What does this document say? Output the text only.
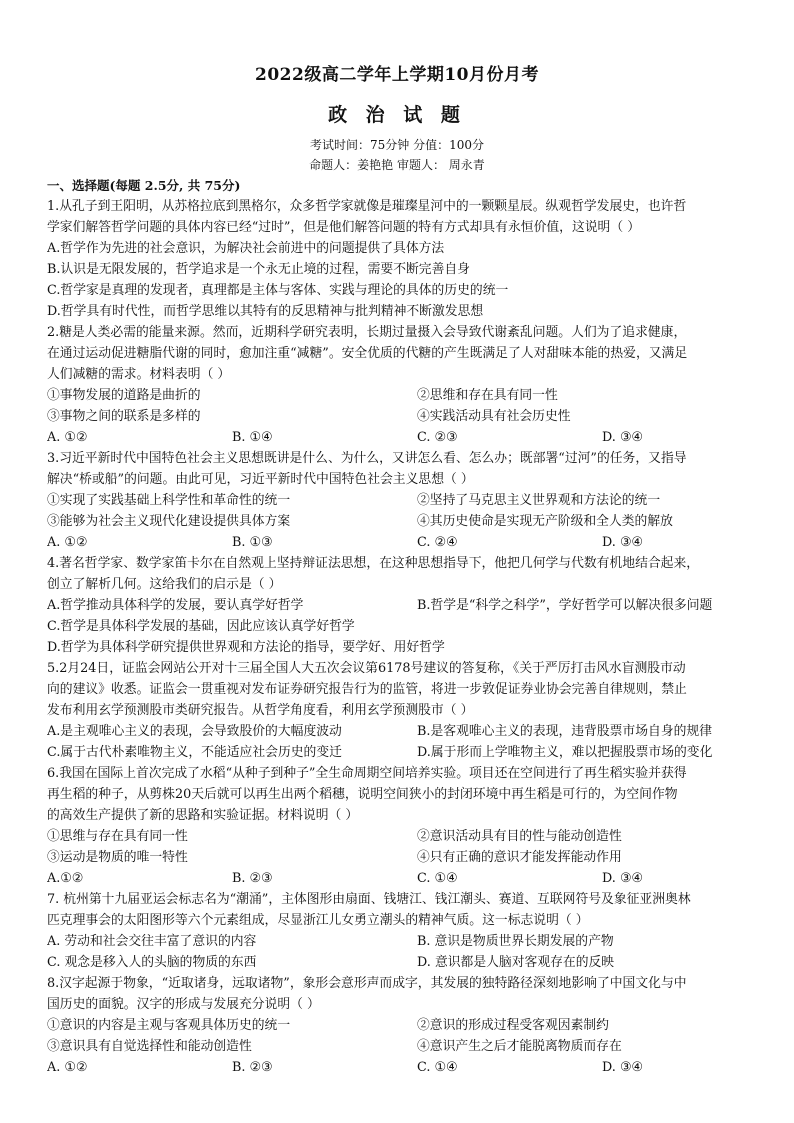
2022级高二学年上学期10月份月考
政 治 试 题
考试时间：75分钟 分值：100分
命题人：姜艳艳 审题人： 周永青
一、选择题(每题 2.5分, 共 75分)
1.从孔子到王阳明，从苏格拉底到黑格尔，众多哲学家就像是璀璨星河中的一颗颗星辰。纵观哲学发展史，也许哲
学家们解答哲学问题的具体内容已经“过时”，但是他们解答问题的特有方式却具有永恒价值，这说明（ ）
A.哲学作为先进的社会意识，为解决社会前进中的问题提供了具体方法
B.认识是无限发展的，哲学追求是一个永无止境的过程，需要不断完善自身
C.哲学家是真理的发现者，真理都是主体与客体、实践与理论的具体的历史的统一
D.哲学具有时代性，而哲学思维以其特有的反思精神与批判精神不断激发思想
2.糖是人类必需的能量来源。然而，近期科学研究表明，长期过量摄入会导致代谢紊乱问题。人们为了追求健康，
在通过运动促进糖脂代谢的同时，愈加注重“减糖”。安全优质的代糖的产生既满足了人对甜味本能的热爱，又满足
人们减糖的需求。材料表明（ ）
①事物发展的道路是曲折的	②思维和存在具有同一性
③事物之间的联系是多样的	④实践活动具有社会历史性
A. ①②	B. ①④	C. ②③	D. ③④
3.习近平新时代中国特色社会主义思想既讲是什么、为什么，又讲怎么看、怎么办；既部署“过河”的任务，又指导
解决“桥或船”的问题。由此可见，习近平新时代中国特色社会主义思想（ ）
①实现了实践基础上科学性和革命性的统一	②坚持了马克思主义世界观和方法论的统一
③能够为社会主义现代化建设提供具体方案	④其历史使命是实现无产阶级和全人类的解放
A. ①②	B. ①③	C. ②④	D. ③④
4.著名哲学家、数学家笛卡尔在自然观上坚持辩证法思想，在这种思想指导下，他把几何学与代数有机地结合起来，
创立了解析几何。这给我们的启示是（ ）
A.哲学推动具体科学的发展，要认真学好哲学	B.哲学是“科学之科学”，学好哲学可以解决很多问题
C.哲学是具体科学发展的基础，因此应该认真学好哲学
D.哲学为具体科学研究提供世界观和方法论的指导，要学好、用好哲学
5.2月24日，证监会网站公开对十三届全国人大五次会议第6178号建议的答复称，《关于严厉打击风水盲测股市动
向的建议》收悉。证监会一贯重视对发布证券研究报告行为的监管，将进一步敦促证券业协会完善自律规则，禁止
发布利用玄学预测股市类研究报告。从哲学角度看，利用玄学预测股市（ ）
A.是主观唯心主义的表现，会导致股价的大幅度波动	B.是客观唯心主义的表现，违背股票市场自身的规律
C.属于古代朴素唯物主义，不能适应社会历史的变迁	D.属于形而上学唯物主义，难以把握股票市场的变化
6.我国在国际上首次完成了水稻“从种子到种子”全生命周期空间培养实验。项目还在空间进行了再生稻实验并获得
再生稻的种子，从剪株20天后就可以再生出两个稻穗，说明空间狭小的封闭环境中再生稻是可行的，为空间作物
的高效生产提供了新的思路和实验证据。材料说明（ ）
①思维与存在具有同一性	②意识活动具有目的性与能动创造性
③运动是物质的唯一特性	④只有正确的意识才能发挥能动作用
A.①②	B. ②③	C. ①④	D. ③④
7. 杭州第十九届亚运会标志名为“潮涌”，主体图形由扇面、钱塘江、钱江潮头、赛道、互联网符号及象征亚洲奥林
匹克理事会的太阳图形等六个元素组成，尽显浙江儿女勇立潮头的精神气质。这一标志说明（ ）
A. 劳动和社会交往丰富了意识的内容	B. 意识是物质世界长期发展的产物
C. 观念是移入人的头脑的物质的东西	D. 意识都是人脑对客观存在的反映
8.汉字起源于物象，“近取诸身，远取诸物”，象形会意形声而成字，其发展的独特路径深刻地影响了中国文化与中
国历史的面貌。汉字的形成与发展充分说明（ ）
①意识的内容是主观与客观具体历史的统一	②意识的形成过程受客观因素制约
③意识具有自觉选择性和能动创造性	④意识产生之后才能脱离物质而存在
A. ①②	B. ②③	C. ①④	D. ③④
